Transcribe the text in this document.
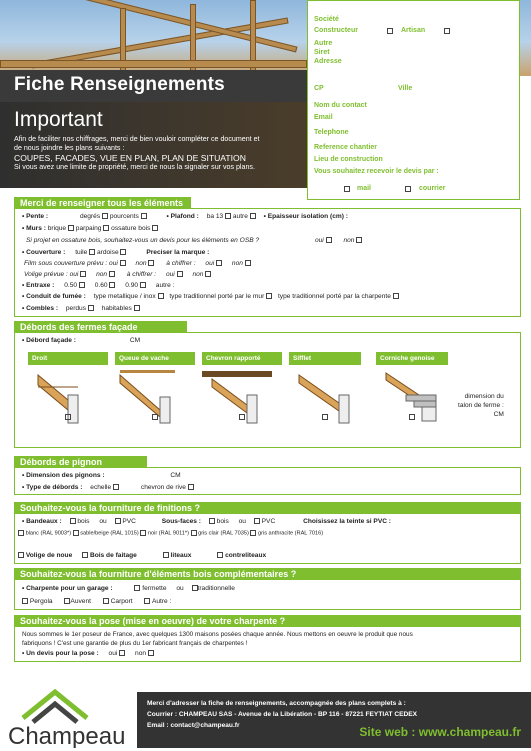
Fiche Renseignements
Important
Afin de faciliter nos chiffrages, merci de bien vouloir compléter ce document et
de nous joindre les plans suivants :
COUPES, FACADES, VUE EN PLAN, PLAN DE SITUATION
Si vous avez une limite de propriété, merci de nous la signaler sur vos plans.
Société
Constructeur	Artisan
Autre
Siret
Adresse
CP	Ville
Nom du contact
Email
Telephone
Reference chantier
Lieu de construction
Vous souhaitez recevoir le devis par :
mail	courrier
Merci de renseigner tous les éléments
• Pente :	degrés pourcents	• Plafond : ba 13 autre • Epaisseur isolation (cm) :
• Murs : brique parpaing ossature bois
Si projet en ossature bois, souhaitez-vous un devis pour les éléments en OSB ?	oui	non
• Couverture : tuile ardoise	Preciser la marque :
Film sous couverture prévu : oui	non	à chiffrer : oui	non
Volige prévue : oui	non	à chiffrer : oui	non
• Entraxe : 0.50	0.60	0.90	autre :
• Conduit de fumée : type metallique / inox type traditionnel porté par le mur type traditionnel porté par la charpente
• Combles : perdus habitables
Débords des fermes façade
• Débord façade :	CM
Droit	Queue de vache	Chevron rapporté	Sifflet	Corniche genoise
dimension du
talon de ferme :
CM
Débords de pignon
• Dimension des pignons :	CM
• Type de débords : echelle	chevron de rive
Souhaitez-vous la fourniture de finitions ?
• Bandeaux : bois ou PVC	Sous-faces : bois ou PVC	Choisissez la teinte si PVC :
blanc (RAL 9003*) sable/beige (RAL 1015) noir (RAL 9011*) gris clair (RAL 7035) gris anthracite (RAL 7016)
Volige de noue	Bois de faitage	liteaux	contreliteaux
Souhaitez-vous la fourniture d'éléments bois complémentaires ?
• Charpente pour un garage :	fermette ou traditionnelle
Pergola	Auvent	Carport	Autre :
Souhaitez-vous la pose (mise en oeuvre) de votre charpente ?
Nous sommes le 1er poseur de France, avec quelques 1300 maisons posées chaque année. Nous mettons en oeuvre le produit que nous
fabriquons ! C'est une garantie de plus du 1er fabricant français de charpentes !
• Un devis pour la pose : oui	non
Champeau
Merci d'adresser la fiche de renseignements, accompagnée des plans complets à :
Courrier : CHAMPEAU SAS - Avenue de la Libération - BP 116 - 87221 FEYTIAT CEDEX
Email : contact@champeau.fr	Site web : www.champeau.fr
